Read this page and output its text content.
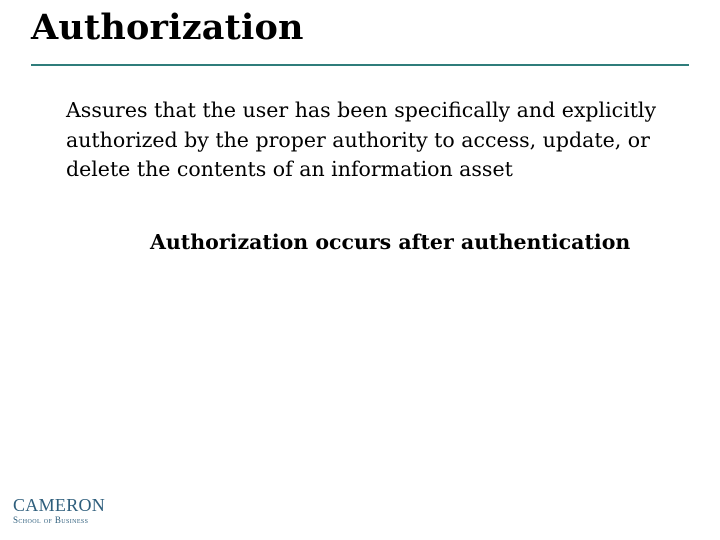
Authorization
Assures that the user has been specifically and explicitly authorized by the proper authority to access, update, or delete the contents of an information asset
Authorization occurs after authentication
CAMERON
School of Business
